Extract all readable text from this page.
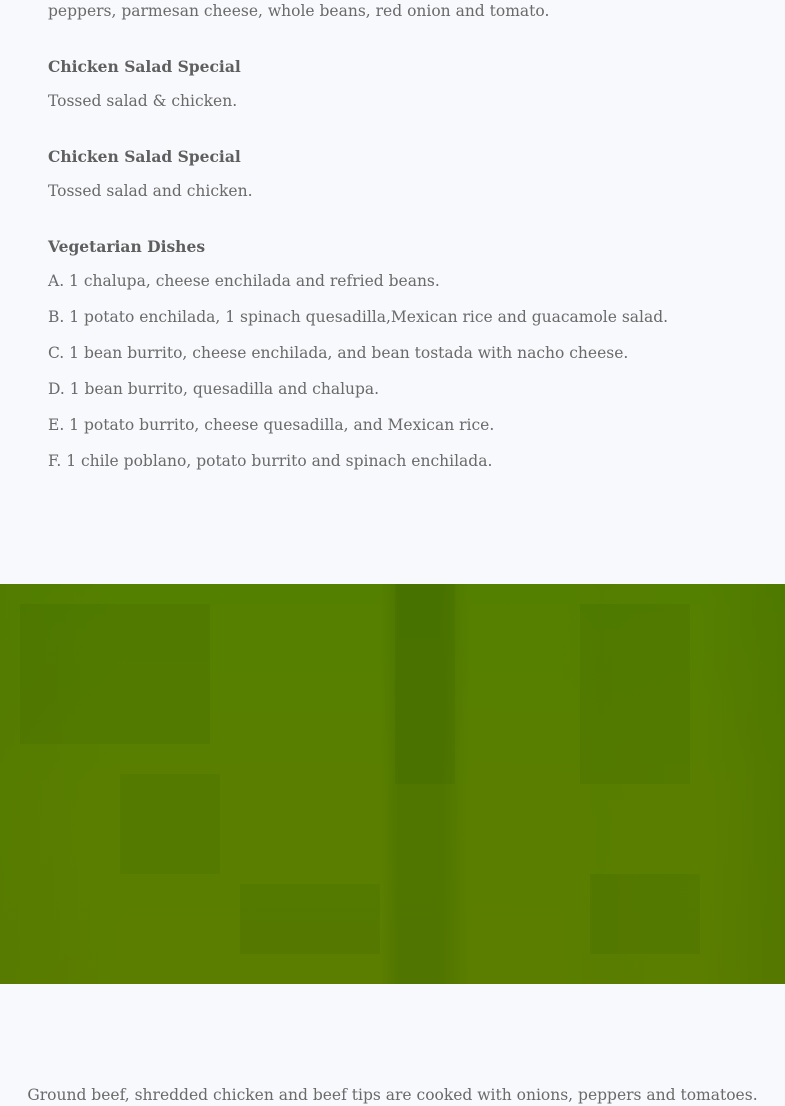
peppers, parmesan cheese, whole beans, red onion and tomato.
Chicken Salad Special
Tossed salad & chicken.
Chicken Salad Special
Tossed salad and chicken.
Vegetarian Dishes
A. 1 chalupa, cheese enchilada and refried beans.
B. 1 potato enchilada, 1 spinach quesadilla,Mexican rice and guacamole salad.
C. 1 bean burrito, cheese enchilada, and bean tostada with nacho cheese.
D. 1 bean burrito, quesadilla and chalupa.
E. 1 potato burrito, cheese quesadilla, and Mexican rice.
F. 1 chile poblano, potato burrito and spinach enchilada.
Ground beef, shredded chicken and beef tips are cooked with onions, peppers and tomatoes.
